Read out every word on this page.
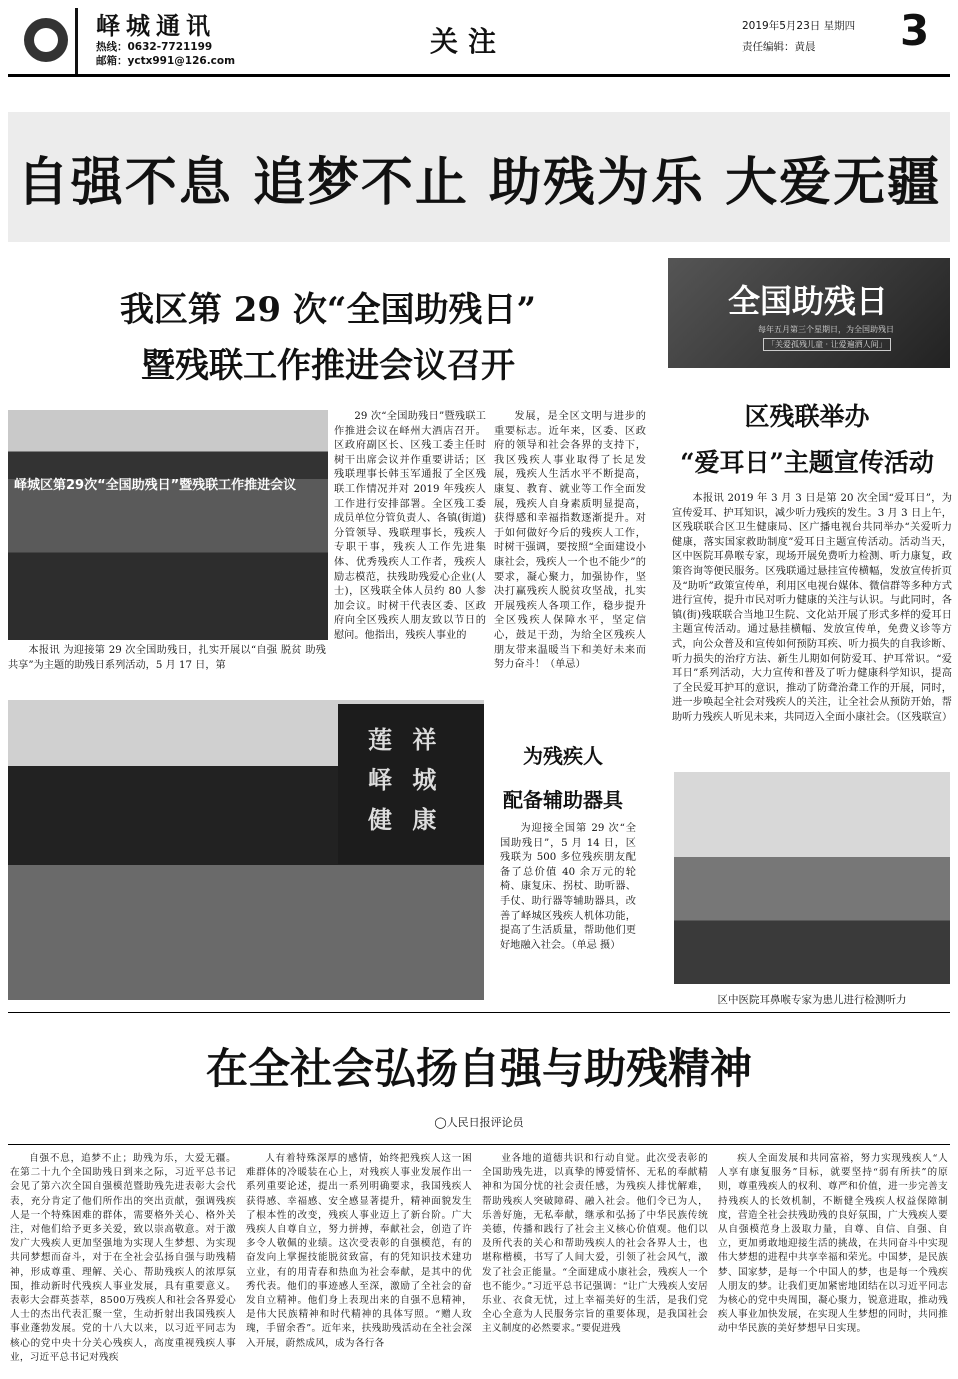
峄城通讯
热线：0632-7721199
邮箱：yctx991@126.com
关注	2019年5月23日 星期四
责任编辑：黄晨 3
自强不息 追梦不止 助残为乐 大爱无疆
我区第 29 次“全国助残日”
暨残联工作推进会议召开
峄城区第29次“全国助残日”暨残联工作推进会议
本报讯 为迎接第 29 次全国助残日，扎实开展以“自强 脱贫 助残共享”为主题的助残日系列活动，5 月 17 日，第
29 次“全国助残日”暨残联工作推进会议在峄州大酒店召开。区政府副区长、区残工委主任时树干出席会议并作重要讲话；区残联理事长韩玉军通报了全区残联工作情况并对 2019 年残疾人工作进行安排部署。全区残工委成员单位分管负责人、各镇(街道)分管领导、残联理事长，残疾人专职干事，残疾人工作先进集体、优秀残疾人工作者，残疾人励志模范，扶残助残爱心企业(人士)，区残联全体人员约 80 人参加会议。时树干代表区委、区政府向全区残疾人朋友致以节日的慰问。他指出，残疾人事业的
发展，是全区文明与进步的重要标志。近年来，区委、区政府的领导和社会各界的支持下，我区残疾人事业取得了长足发展，残疾人生活水平不断提高，康复、教育、就业等工作全面发展，残疾人自身素质明显提高，获得感和幸福指数逐渐提升。对于如何做好今后的残疾人工作，时树干强调，要按照“全面建设小康社会，残疾人一个也不能少”的要求，凝心聚力，加强协作，坚决打赢残疾人脱贫攻坚战，扎实开展残疾人各项工作，稳步提升全区残疾人保障水平，坚定信心，鼓足干劲，为给全区残疾人朋友带来温暖当下和美好未来而努力奋斗！（单忌）
全国助残日
每年五月第三个星期日，为全国助残日
「关爱孤残儿童 · 让爱遍洒人间」
区残联举办
“爱耳日”主题宣传活动
本报讯 2019 年 3 月 3 日是第 20 次全国“爱耳日”，为宣传爱耳、护耳知识，减少听力残疾的发生。3 月 3 日上午，区残联联合区卫生健康局、区广播电视台共同举办“关爱听力健康，落实国家救助制度”爱耳日主题宣传活动。活动当天，区中医院耳鼻喉专家，现场开展免费听力检测、听力康复，政策咨询等便民服务。区残联通过悬挂宣传横幅，发放宣传折页及“助听”政策宣传单，利用区电视台媒体、微信群等多种方式进行宣传，提升市民对听力健康的关注与认识。与此同时，各镇(街)残联联合当地卫生院、文化站开展了形式多样的爱耳日主题宣传活动。通过悬挂横幅、发放宣传单，免费义诊等方式，向公众普及和宣传如何预防耳疾、听力损失的自我诊断、听力损失的治疗方法、新生儿期如何防爱耳、护耳常识。“爱耳日”系列活动，大力宣传和普及了听力健康科学知识，提高了全民爱耳护耳的意识，推动了防聋治聋工作的开展，同时，进一步唤起全社会对残疾人的关注，让全社会从预防开始，帮助听力残疾人听见未来，共同迈入全面小康社会。（区残联宣）
区中医院耳鼻喉专家为患儿进行检测听力
莲 祥 峄 城 健 康
为残疾人
配备辅助器具
为迎接全国第 29 次“全国助残日”，5 月 14 日，区残联为 500 多位残疾朋友配备了总价值 40 余万元的轮椅、康复床、拐杖、助听器、手仗、助行器等辅助器具，改善了峄城区残疾人机体功能，提高了生活质量，帮助他们更好地融入社会。（单忌 摄）
在全社会弘扬自强与助残精神
◯人民日报评论员
自强不息，追梦不止；助残为乐，大爱无疆。在第二十九个全国助残日到来之际，习近平总书记会见了第六次全国自强模范暨助残先进表彰大会代表，充分肯定了他们所作出的突出贡献，强调残疾人是一个特殊困难的群体，需要格外关心、格外关注，对他们给予更多关爱，致以崇高敬意。对于激发广大残疾人更加坚强地为实现人生梦想、为实现共同梦想而奋斗，对于在全社会弘扬自强与助残精神，形成尊重、理解、关心、帮助残疾人的浓厚氛围，推动新时代残疾人事业发展，具有重要意义。表彰大会群英荟萃，8500万残疾人和社会各界爱心人士的杰出代表汇聚一堂，生动折射出我国残疾人事业蓬勃发展。党的十八大以来，以习近平同志为核心的党中央十分关心残疾人，高度重视残疾人事业，习近平总书记对残疾
人有着特殊深厚的感情，始终把残疾人这一困难群体的冷暖装在心上，对残疾人事业发展作出一系列重要论述，提出一系列明确要求，我国残疾人获得感、幸福感、安全感显著提升，精神面貌发生了根本性的改变，残疾人事业迈上了新台阶。广大残疾人自尊自立，努力拼搏，奉献社会，创造了许多令人敬佩的业绩。这次受表彰的自强模范，有的奋发向上掌握技能脱贫致富，有的凭知识技术建功立业，有的用青春和热血为社会奉献，是其中的优秀代表。他们的事迹感人至深，激励了全社会的奋发自立精神。他们身上表现出来的自强不息精神，是伟大民族精神和时代精神的具体写照。“赠人玫瑰，手留余香”。近年来，扶残助残活动在全社会深入开展，蔚然成风，成为各行各
业各地的道德共识和行动自觉。此次受表彰的全国助残先进，以真挚的博爱情怀、无私的奉献精神和为国分忧的社会责任感，为残疾人排忧解难，帮助残疾人突破障碍、融入社会。他们令已为人，乐善好施，无私奉献，继承和弘扬了中华民族传统美德，传播和践行了社会主义核心价值观。他们以及所代表的关心和帮助残疾人的社会各界人士，也堪称楷模，书写了人间大爱，引领了社会风气，激发了社会正能量。“全面建成小康社会，残疾人一个也不能少。”习近平总书记强调：“让广大残疾人安居乐业、衣食无忧，过上幸福美好的生活，是我们党全心全意为人民服务宗旨的重要体现，是我国社会主义制度的必然要求。”要促进残
疾人全面发展和共同富裕，努力实现残疾人“人人享有康复服务”目标，就要坚持“弱有所扶”的原则，尊重残疾人的权利、尊严和价值，进一步完善支持残疾人的长效机制，不断健全残疾人权益保障制度，营造全社会扶残助残的良好氛围，广大残疾人要从自强模范身上汲取力量，自尊、自信、自强、自立，更加勇敢地迎接生活的挑战，在共同奋斗中实现伟大梦想的进程中共享幸福和荣光。中国梦，是民族梦、国家梦，是每一个中国人的梦，也是每一个残疾人朋友的梦。让我们更加紧密地团结在以习近平同志为核心的党中央周围，凝心聚力，锐意进取，推动残疾人事业加快发展，在实现人生梦想的同时，共同推动中华民族的美好梦想早日实现。
